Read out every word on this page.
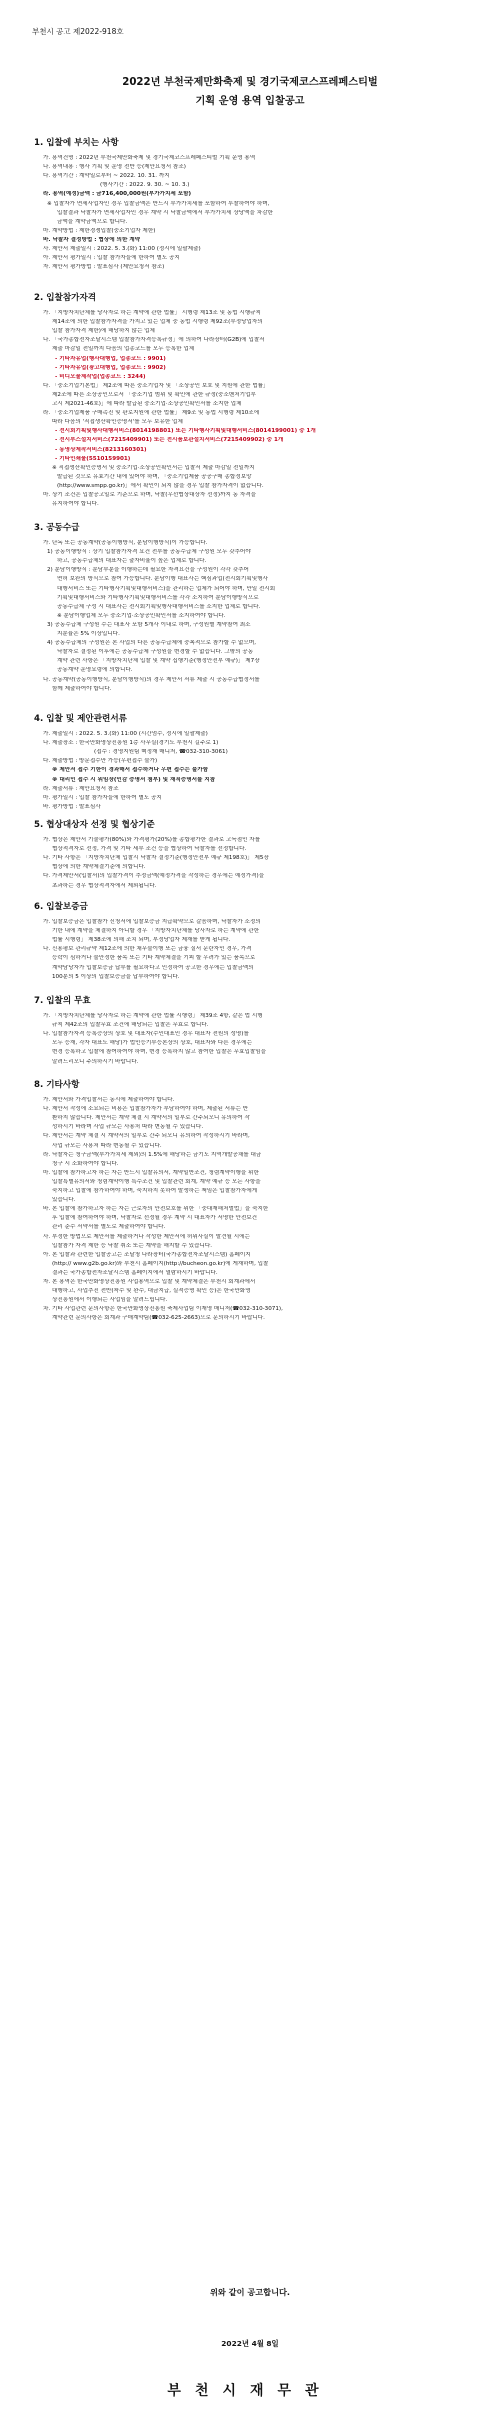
부천시 공고 제2022-918호
2022년 부천국제만화축제 및 경기국제코스프레페스티벌
기획 운영 용역 입찰공고
1. 입찰에 부치는 사항
가. 용역건명 : 2022년 부천국제만화축제 및 경기국제코스프레페스티벌 기획 운영 용역
나. 용역내용 : 행사 기획 및 운영 전반 등(제안요청서 참조)
다. 용역기간 : 계약일로부터 ~ 2022. 10. 31. 까지
(행사기간 : 2022. 9. 30. ~ 10. 3.)
라. 용역(예정)금액 : 금716,400,000원(부가가치세 포함)
※ 입찰자가 면세사업자인 경우 입찰금액은 반드시 부가가치세를 포함하여 투찰하여야 하며,
입찰결과 낙찰자가 면세사업자인 경우 계약 시 낙찰금액에서 부가가치세 상당액을 차감한
금액을 계약금액으로 합니다.
마. 계약방법 : 제한경쟁입찰(중소기업자 제한)
바. 낙찰자 결정방법 : 협상에 의한 계약
사. 제안서 제출일시 : 2022. 5. 3.(화) 11:00 (정시에 일괄제출)
아. 제안서 평가일시 : 입찰 참가자들에 한하여 별도 공지
자. 제안서 평가방법 : 발표심사 (제안요청서 참조)
2. 입찰참가자격
가. 「지방자치단체를 당사자로 하는 계약에 관한 법률」 시행령 제13조 및 동법 시행규칙
제14조에 의한 입찰참가자격을 가지고 있는 업체 중 동법 시행령 제92조(부정당업자의
입찰 참가자격 제한)에 해당하지 않는 업체
나. 「국가종합전자조달시스템 입찰참가자격등록규정」에 의하여 나라장터(G2B)에 입찰서
제출 마감일 전일까지 다음의 업종코드를 모두 등록한 업체
- 기타자유업(행사대행업, 업종코드 : 9901)
- 기타자유업(광고대행업, 업종코드 : 9902)
- 비디오물제작업(업종코드 : 3244)
다. 「중소기업기본법」 제2조에 따른 중소기업자 및 「소상공인 보호 및 지원에 관한 법률」
제2조에 따른 소상공인으로서 「중소기업 범위 및 확인에 관한 규정(중소벤처기업부
고시 제2021-46호)」에 따라 발급된 중소기업·소상공인확인서를 소지한 업체
라. 「중소기업제품 구매촉진 및 판로지원에 관한 법률」 제9조 및 동법 시행령 제10조에
따라 다음의 '직접생산확인증명서'를 모두 보유한 업체
- 전시회기획및행사대행서비스(8014198801) 또는 기타행사기획및대행서비스(8014199001) 중 1개
- 전시부스설치서비스(7215409901) 또는 전시품보관설치서비스(7215409902) 중 1개
- 동영상제작서비스(8213160301)
- 기타인쇄물(5510159901)
※ 직접생산확인증명서 및 중소기업·소상공인확인서는 입찰서 제출 마감일 전일까지
발급된 것으로 유효기간 내에 있어야 하며, 「중소기업제품 공공구매 종합정보망
(http://www.smpp.go.kr)」에서 확인이 되지 않을 경우 입찰 참가자격이 없습니다.
마. 상기 조건은 입찰공고일로 기준으로 하며, 낙찰(우선협상대상자 선정)까지 동 자격을
유지하여야 합니다.
3. 공동수급
가. 단독 또는 공동계약(공동이행방식, 분담이행방식)이 가능합니다.
1) 공동이행방식 : 상기 입찰참가자격 요건 전부를 공동수급체 구성원 모두 갖추어야
하고, 공동수급체의 대표자는 출자비율이 높은 업체로 합니다.
2) 분담이행방식 : 분담부분을 이행하는데 필요한 자격요건을 구성원이 각각 갖추어
면허 보완의 방식으로 참여 가능합니다. 분담이행 대표사는 핵심과업(전시회기획및행사
대행서비스 또는 기타행사기획및대행서비스)을 관리하는 업체가 되어야 하며, 만일 전시회
기획및대행서비스와 기타행사기획및대행서비스를 각각 소지하여 분담이행방식으로
공동수급체 구성 시 대표사는 전시회기획및행사대행서비스를 소지한 업체로 합니다.
※ 분담이행업체 모두 중소기업·소상공인확인서를 소지하여야 합니다.
3) 공동수급체 구성원 수는 대표사 포함 5개사 이내로 하며, 구성원별 계약참여 최소
지분율은 5% 이상입니다.
4) 공동수급체의 구성원은 본 사업의 다른 공동수급체에 중복적으로 참가할 수 없으며,
낙찰자로 결정된 이후에는 공동수급체 구성원을 변경할 수 없습니다. 그밖의 공동
계약 관련 사항은 「지방자치단체 입찰 및 계약 집행기준(행정안전부 예규)」 제7장
공동계약 운영요령에 의합니다.
나. 공동계약(공동이행방식, 분담이행방식)의 경우 제안서 서류 제출 시 공동수급협정서를
함께 제출하여야 합니다.
4. 입찰 및 제안관련서류
가. 제출일시 : 2022. 5. 3.(화) 11:00 (시간엄수, 정시에 일괄제출)
나. 제출장소 : 한국만화영상진흥원 1층 사무실(경기도 부천시 길주로 1)
(접수 : 경영지원팀 백정재 매니저, ☎032-310-3061)
다. 제출방법 : 방문접수만 가능(우편접수 불가)
※ 제안서 접수 기한이 경과해서 접수하거나 우편 접수는 불가함
※ 대리인 접수 시 위임장(인감 증명서 첨부) 및 재직증명서를 지참
라. 제출서류 : 제안요청서 참조
마. 평가일시 : 입찰 참가자들에 한하여 별도 공지
바. 평가방법 : 발표심사
5. 협상대상자 선정 및 협상기준
가. 협상은 제안서 기술평가(80%)와 가격평가(20%)를 종합평가한 결과로 고득점인 자를
협상적격자로 선정, 가격 및 기타 세부 조건 등을 협상하여 낙찰자를 선정합니다.
나. 기타 사항은 「지방자치단체 입찰시 낙찰자 결정기준(행정안전부 예규 제198호)」 제5장
협상에 의한 계약체결기준에 의합니다.
다. 가격제안서(입찰서)의 입찰가격이 추정금액(예정가격을 작성하는 경우에는 예정가격)을
초과하는 경우 협상적격자에서 제외됩니다.
6. 입찰보증금
가. 입찰보증금은 입찰참가 신청서에 입찰보증금 지급확약으로 갈음하며, 낙찰자가 소정의
기한 내에 계약을 체결하지 아니할 경우 「지방자치단체를 당사자로 하는 계약에 관한
법률 시행령」 제38조에 의해 조치 되며, 부정당업자 제재를 받게 됩니다.
나. 신용평보 관리규약 제12조에 의한 채무불이행 또는 금융 질서 문란자인 경우, 가격
등락이 심하거나 불안정한 품목 또는 기타 계약체결을 기피 할 우려가 있는 품목으로
계약담당자가 입찰보증금 납부를 필요하다고 인정하여 공고한 경우에는 입찰금액의
100분의 5 이상의 입찰보증금을 납부하여야 합니다.
7. 입찰의 무효
가. 「지방자치단체를 당사자로 하는 계약에 관한 법률 시행령」 제39조 4항, 같은 법 시행
규칙 제42조의 입찰무효 조건에 해당되는 입찰은 무효로 합니다.
나. 입찰참가자격 등록증상의 상호 및 대표자(수인대표인 경우 대표자 전원의 성명)를
모두 등재, 각자 대표도 해당)가 법인등기부등본상의 상호, 대표자와 다른 경우에는
변경 등록하고 입찰에 참여하여야 하며, 변경 등록하지 않고 참여한 입찰은 무효입찰임을
알려드리오니 주의하시기 바랍니다.
8. 기타사항
가. 제안서와 가격입찰서는 동시에 제출하여야 합니다.
나. 제안서 작성에 소요되는 비용은 입찰참가자가 부담하여야 하며, 제출된 서류는 반
환하지 않습니다. 제안서는 계약 체결 시 계약서의 일부로 간주되오니 유의하여 작
성하시기 바라며 사업 규모는 사용처 따라 변동될 수 있습니다.
다. 제안서는 계약 체결 시 계약서의 일부로 간주 되오니 유의하여 작성하시기 바라며,
사업 규모는 사용처 따라 변동될 수 있습니다.
라. 낙찰자는 청구금액(부가가치세 제외)의 1.5%에 해당하는 금기도 지역개발공채를 대금
청구 시 소화하여야 합니다.
마. 입찰에 참가하고자 하는 자는 반드시 입찰유의서, 계약일반조건, 청렴계약이행을 위한
입찰특별유의서와 청렴계약이행 특수조건 및 입찰관련 회계, 계약 예규 등 모든 사항을
숙지하고 입찰에 참가하여야 하며, 숙지하지 못하여 발생하는 책임은 입찰참가자에게
있습니다.
바. 본 입찰에 참가하고자 하는 자는 근로자의 안전보호를 위한 「중대재해처벌법」을 숙지한
후 입찰에 참여하여야 하며, 낙찰자로 선정될 경우 계약 시 대표자가 서명한 안전보건
관리 준수 서약서를 별도로 제출하여야 합니다.
사. 부정한 방법으로 제안서를 제출하거나 작성한 제안서에 허위사실이 발견될 시에는
입찰참가 자격 제한 등 낙찰 취소 또는 계약을 해지할 수 있습니다.
아. 본 입찰과 관련한 입찰공고는 조달청 나라장터(국가종합전자조달시스템) 홈페이지
(http:// www.g2b.go.kr)와 부천시 홈페이지(http://bucheon.go.kr)에 게재하며, 입찰
결과는 국가종합전자조달시스템 홈페이지에서 열람하시기 바랍니다.
자. 본 용역은 한국만화영상진흥원 사업용역으로 입찰 및 계약체결은 부천시 회계과에서
대행하고, 사업추진 전반(착수 및 완수, 대금지급, 실적증명 확인 등)은 한국만화영
상진흥원에서 이행되는 사업임을 알려드립니다.
차. 기타 사업관련 문의사항은 한국만화영상진흥원 축제사업팀 이재영 매니저(☎032-310-3071),
계약관련 문의사항은 회계과 구매계약팀(☎032-625-2663)으로 문의하시기 바랍니다.
위와 같이 공고합니다.
2022년 4월 8일
부천시재무관
